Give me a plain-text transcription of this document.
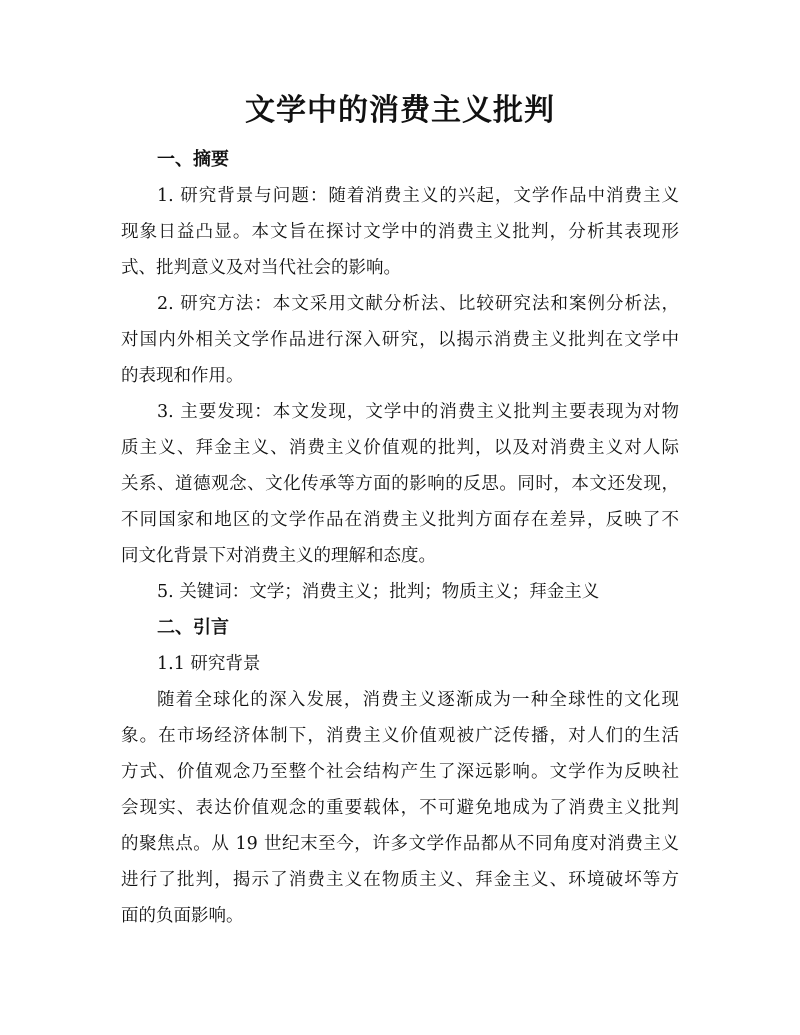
文学中的消费主义批判
一、摘要
1. 研究背景与问题：随着消费主义的兴起，文学作品中消费主义
现象日益凸显。本文旨在探讨文学中的消费主义批判，分析其表现形
式、批判意义及对当代社会的影响。
2. 研究方法：本文采用文献分析法、比较研究法和案例分析法，
对国内外相关文学作品进行深入研究，以揭示消费主义批判在文学中
的表现和作用。
3. 主要发现：本文发现，文学中的消费主义批判主要表现为对物
质主义、拜金主义、消费主义价值观的批判，以及对消费主义对人际
关系、道德观念、文化传承等方面的影响的反思。同时，本文还发现，
不同国家和地区的文学作品在消费主义批判方面存在差异，反映了不
同文化背景下对消费主义的理解和态度。
5. 关键词：文学；消费主义；批判；物质主义；拜金主义
二、引言
1.1 研究背景
随着全球化的深入发展，消费主义逐渐成为一种全球性的文化现
象。在市场经济体制下，消费主义价值观被广泛传播，对人们的生活
方式、价值观念乃至整个社会结构产生了深远影响。文学作为反映社
会现实、表达价值观念的重要载体，不可避免地成为了消费主义批判
的聚焦点。从 19 世纪末至今，许多文学作品都从不同角度对消费主义
进行了批判，揭示了消费主义在物质主义、拜金主义、环境破坏等方
面的负面影响。
